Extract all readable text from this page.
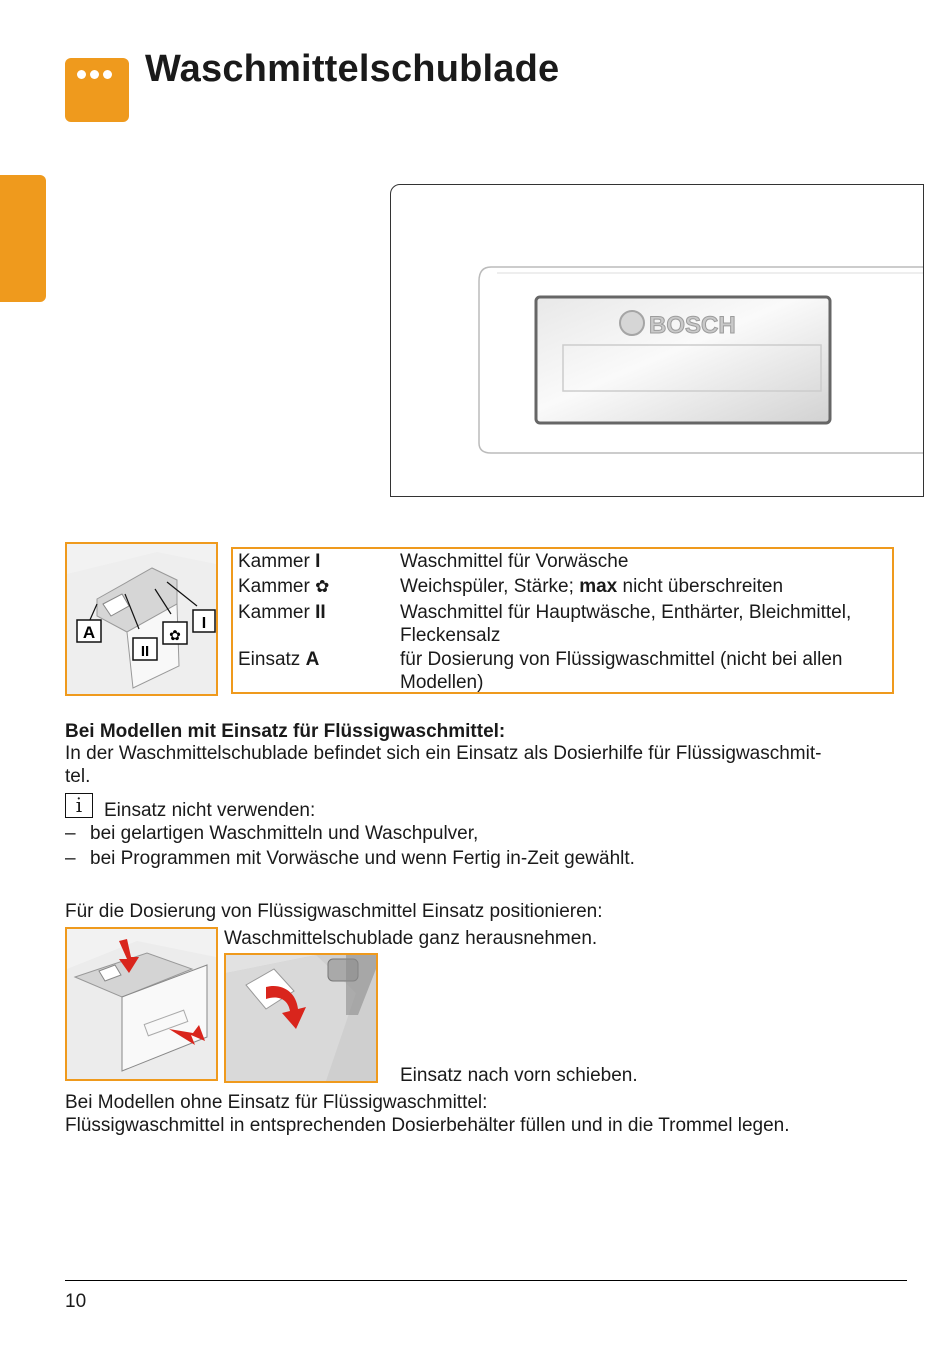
Waschmittelschublade
BOSCH
A
II
✿
I
Kammer I	Waschmittel für Vorwäsche
Kammer ✿	Weichspüler, Stärke; max nicht überschreiten
Kammer II	Waschmittel für Hauptwäsche, Enthärter, Bleichmittel, Fleckensalz
Einsatz A	für Dosierung von Flüssigwaschmittel (nicht bei allen Modellen)
Bei Modellen mit Einsatz für Flüssigwaschmittel:
In der Waschmittelschublade befindet sich ein Einsatz als Dosierhilfe für Flüssigwaschmit-
tel.
i	Einsatz nicht verwenden:
– bei gelartigen Waschmitteln und Waschpulver,
– bei Programmen mit Vorwäsche und wenn Fertig in-Zeit gewählt.
Für die Dosierung von Flüssigwaschmittel Einsatz positionieren:
Waschmittelschublade ganz herausnehmen.
Einsatz nach vorn schieben.
Bei Modellen ohne Einsatz für Flüssigwaschmittel:
Flüssigwaschmittel in entsprechenden Dosierbehälter füllen und in die Trommel legen.
10
